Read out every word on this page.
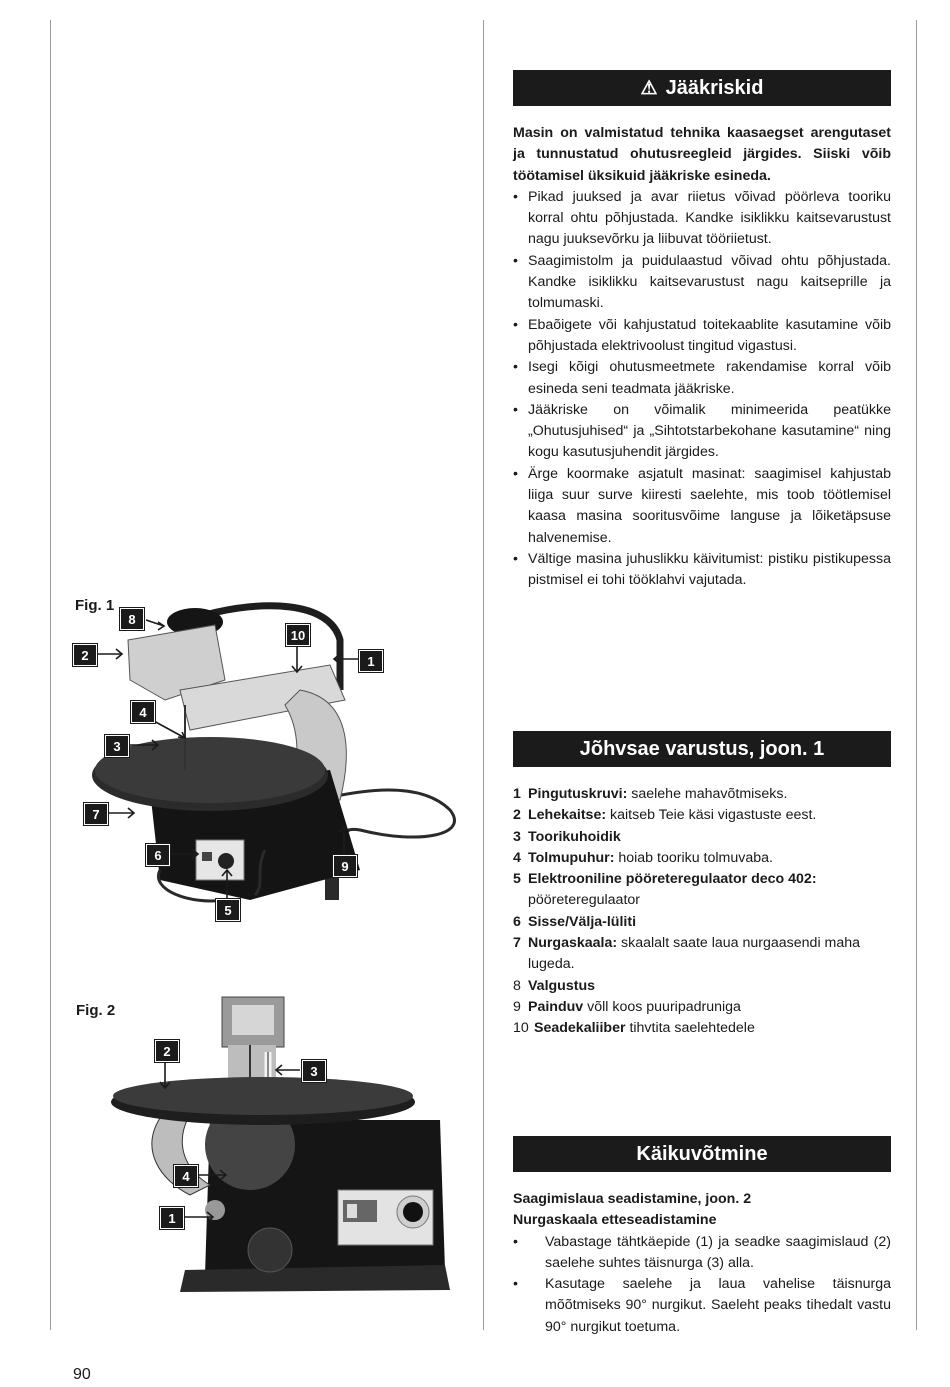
⚠ Jääkriskid

Masin on valmistatud tehnika kaasaegset arengutaset ja tunnustatud ohutusreegleid järgides. Siiski võib töötamisel üksikuid jääkriske esineda.

• Pikad juuksed ja avar riietus võivad pöörleva tooriku korral ohtu põhjustada. Kandke isiklikku kaitsevarustust nagu juuksevõrku ja liibuvat tööriietust.
• Saagimistolm ja puidulaastud võivad ohtu põhjustada. Kandke isiklikku kaitsevarustust nagu kaitseprille ja tolmumaski.
• Ebaõigete või kahjustatud toitekaablite kasutamine võib põhjustada elektrivoolust tingitud vigastusi.
• Isegi kõigi ohutusmeetmete rakendamise korral võib esineda seni teadmata jääkriske.
• Jääkriske on võimalik minimeerida peatükke „Ohutusjuhised“ ja „Sihtotstarbekohane kasutamine“ ning kogu kasutusjuhendit järgides.
• Ärge koormake asjatult masinat: saagimisel kahjustab liiga suur surve kiiresti saelehte, mis toob töötlemisel kaasa masina sooritusvõime languse ja lõiketäpsuse halvenemise.
• Vältige masina juhuslikku käivitumist: pistiku pistikupessa pistmisel ei tohi tööklahvi vajutada.
Jõhvsae varustus, joon. 1
1 Pingutuskruvi: saelehe mahavõtmiseks.
2 Lehekaitse: kaitseb Teie käsi vigastuste eest.
3 Toorikuhoidik
4 Tolmupuhur: hoiab tooriku tolmuvaba.
5 Elektrooniline pööreteregulaator deco 402: pööreteregulaator
6 Sisse/Välja-lüliti
7 Nurgaskaala: skaalalt saate laua nurgaasendi maha lugeda.
8 Valgustus
9 Painduv võll koos puuripadruniga
10 Seadekaliiber tihvtita saelehtedele
Käikuvõtmine

Saagimislaua seadistamine, joon. 2

Nurgaskaala etteseadistamine

• Vabastage tähtkäepide (1) ja seadke saagimislaud (2) saelehe suhtes täisnurga (3) alla.
• Kasutage saelehe ja laua vahelise täisnurga mõõtmiseks 90° nurgikut. Saeleht peaks tihedalt vastu 90° nurgikut toetuma.
Fig. 1
8
10
2	1
4
3
7
6
9
5
Fig. 2
2
3
4
1
90
